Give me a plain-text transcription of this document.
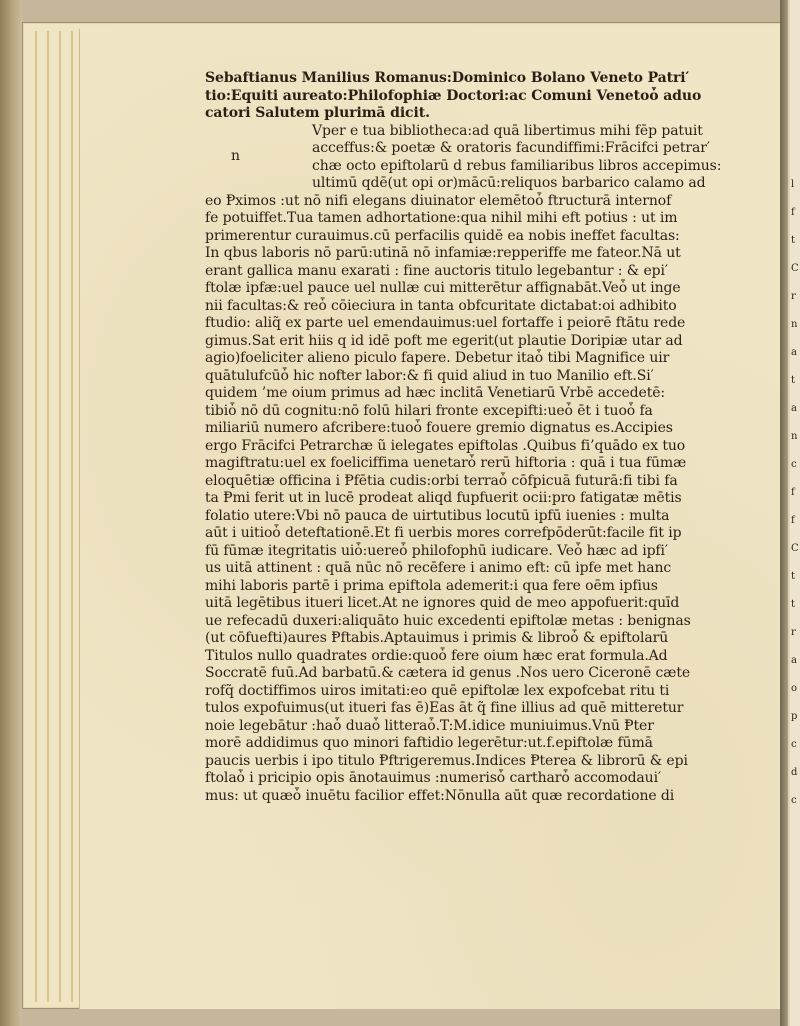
l
f
t
C
r
n
a
t
a
n
c
f
f
C
t
t
r
a
o
p
c
d
c
n
Sebaftianus Manilius Romanus:Dominico Bolano Veneto Patri′
tio:Equiti aureato:Philofophiæ Doctori:ac Comuni Venetoȱ aduo
catori Salutem plurimā dicit.
Vper e tua bibliotheca:ad quā libertimus mihi fēp patuit
acceffus:& poetæ & oratoris facundiffimi:Frācifci petrar′
chæ octo epiftolarū d rebus familiaribus libros accepimus:
ultimū qdē(ut opi or)mācū:reliquos barbarico calamo ad
eo Ᵽximos :ut nō nifi elegans diuinator elemētoȱ ftructurā internof
fe potuiffet.Tua tamen adhortatione:qua nihil mihi eft potius : ut im
primerentur curauimus.cū perfacilis quidē ea nobis ineffet facultas:
In qbus laboris nō parū:utinā nō infamiæ:repperiffe me fateor.Nā ut
erant gallica manu exarati : fine auctoris titulo legebantur : & epi′
ftolæ ipfæ:uel pauce uel nullæ cui mitterētur affignabāt.Veȱ ut inge
nii facultas:& reȱ cōieciura in tanta obfcuritate dictabat:oi adhibito
ftudio: aliq̃ ex parte uel emendauimus:uel fortaffe i peiorē ftātu rede
gimus.Sat erit hiis q id idē poft me egerit(ut plautie Doripiæ utar ad
agio)foeliciter alieno piculo fapere. Debetur itaȱ tibi Magnifice uir
quātulufcūȱ hic nofter labor:& fi quid aliud in tuo Manilio eft.Si′
quidem ’me oium primus ad hæc inclitā Venetiarū Vrbē accedetē:
tibiȱ nō dū cognitu:nō folū hilari fronte excepifti:ueȱ ēt i tuoȱ fa
miliariū numero afcribere:tuoȱ fouere gremio dignatus es.Accipies
ergo Frācifci Petrarchæ ũ ielegates epiftolas .Quibus fi’quādo ex tuo
magiftratu:uel ex foeliciffima uenetarȱ rerū hiftoria : quā i tua fūmæ
eloquētiæ officina i Ᵽfētia cudis:orbi terraȱ cōfpicuā futurā:fi tibi fa
ta Ᵽmi ferit ut in lucē prodeat aliqd fupfuerit ocii:pro fatigatæ mētis
folatio utere:Vbi nō pauca de uirtutibus locutū ipfū iuenies : multa
aūt i uitioȱ deteftationē.Et fi uerbis mores correfpōderūt:facile fit ip
fū fūmæ itegritatis uiȱ:uereȱ philofophū iudicare. Veȱ hæc ad ipfi′
us uitā attinent : quā nūc nō recēfere i animo eft: cū ipfe met hanc
mihi laboris partē i prima epiftola ademerit:i qua fere oēm ipfius
uitā legētibus itueri licet.At ne ignores quid de meo appofuerit:quīd
ue refecadū duxeri:aliquāto huic excedenti epiftolæ metas : benignas
(ut cōfuefti)aures Ᵽftabis.Aptauimus i primis & libroȱ & epiftolarū
Titulos nullo quadrates ordie:quoȱ fere oium hæc erat formula.Ad
Soccratē fuū.Ad barbatū.& cætera id genus .Nos uero Ciceronē cæte
rofq̃ doctiffimos uiros imitati:eo quē epiftolæ lex expofcebat ritu ti
tulos expofuimus(ut itueri fas ē)Eas āt q̃ fine illius ad quē mitteretur
noie legebātur :haȱ duaȱ litteraȱ.T:M.idice muniuimus.Vnū Ᵽter
morē addidimus quo minori faftidio legerētur:ut.f.epiftolæ fūmā
paucis uerbis i ipo titulo Ᵽftrigeremus.Indices Ᵽterea & librorū & epi
ftolaȱ i pricipio opis ānotauimus :numerisȱ cartharȱ accomodaui′
mus: ut quæȱ inuētu facilior effet:Nōnulla aūt quæ recordatione di
